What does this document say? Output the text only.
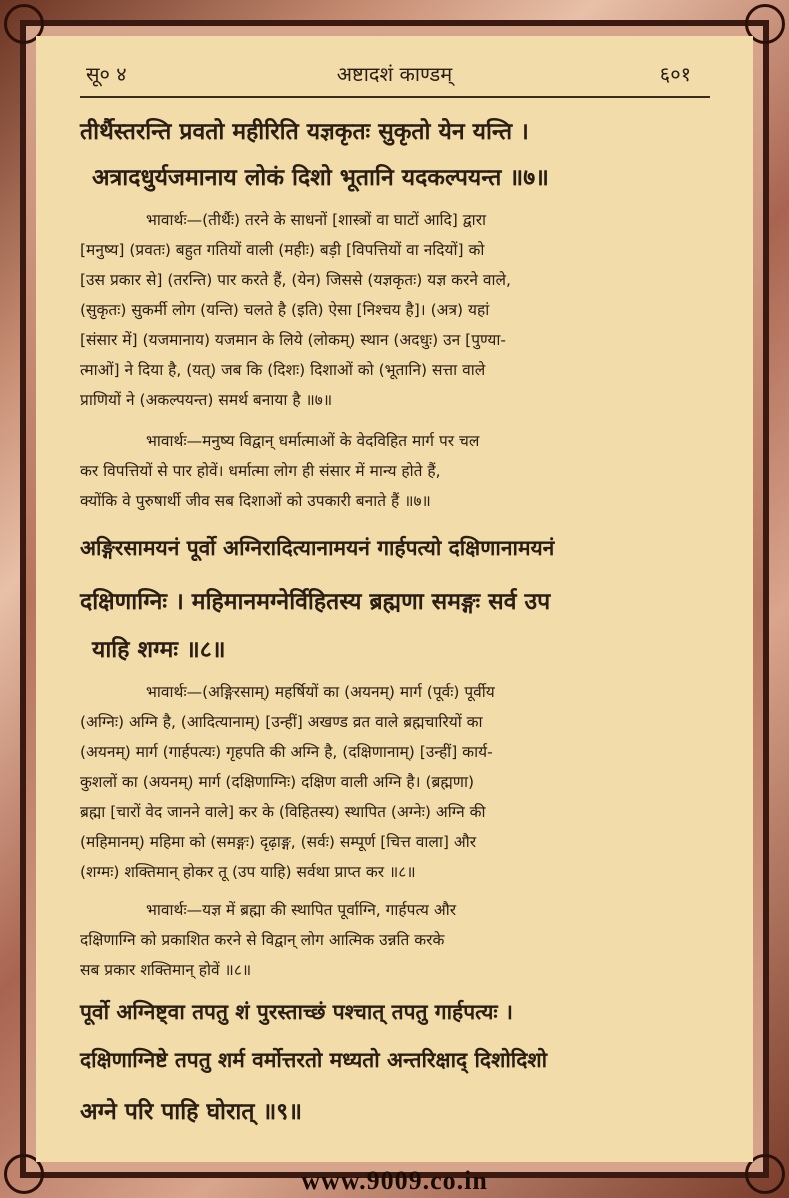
सू० ४	अष्टादशं काण्डम्	६०१
तीर्थैस्तरन्ति प्रवतो महीरिति यज्ञकृतः सुकृतो येन यन्ति ।
अत्रादधुर्यजमानाय लोकं दिशो भूतानि यदकल्पयन्त ॥७॥
भावार्थः—(तीर्थैः) तरने के साधनों [शास्त्रों वा घाटों आदि] द्वारा
[मनुष्य] (प्रवतः) बहुत गतियों वाली (महीः) बड़ी [विपत्तियों वा नदियों] को
[उस प्रकार से] (तरन्ति) पार करते हैं, (येन) जिससे (यज्ञकृतः) यज्ञ करने वाले,
(सुकृतः) सुकर्मी लोग (यन्ति) चलते है (इति) ऐसा [निश्चय है]। (अत्र) यहां
[संसार में] (यजमानाय) यजमान के लिये (लोकम्) स्थान (अदधुः) उन [पुण्या-
त्माओं] ने दिया है, (यत्) जब कि (दिशः) दिशाओं को (भूतानि) सत्ता वाले
प्राणियों ने (अकल्पयन्त) समर्थ बनाया है ॥७॥
भावार्थः—मनुष्य विद्वान् धर्मात्माओं के वेदविहित मार्ग पर चल
कर विपत्तियों से पार होवें। धर्मात्मा लोग ही संसार में मान्य होते हैं,
क्योंकि वे पुरुषार्थी जीव सब दिशाओं को उपकारी बनाते हैं ॥७॥
अङ्गिरसामयनं पूर्वो अग्निरादित्यानामयनं गार्हपत्यो दक्षिणानामयनं
दक्षिणाग्निः । महिमानमग्नेर्विहितस्य ब्रह्मणा समङ्गः सर्व उप
याहि शग्मः ॥८॥
भावार्थः—(अङ्गिरसाम्) महर्षियों का (अयनम्) मार्ग (पूर्वः) पूर्वीय
(अग्निः) अग्नि है, (आदित्यानाम्) [उन्हीं] अखण्ड व्रत वाले ब्रह्मचारियों का
(अयनम्) मार्ग (गार्हपत्यः) गृहपति की अग्नि है, (दक्षिणानाम्) [उन्हीं] कार्य-
कुशलों का (अयनम्) मार्ग (दक्षिणाग्निः) दक्षिण वाली अग्नि है। (ब्रह्मणा)
ब्रह्मा [चारों वेद जानने वाले] कर के (विहितस्य) स्थापित (अग्नेः) अग्नि की
(महिमानम्) महिमा को (समङ्गः) दृढ़ाङ्ग, (सर्वः) सम्पूर्ण [चित्त वाला] और
(शग्मः) शक्तिमान् होकर तू (उप याहि) सर्वथा प्राप्त कर ॥८॥
भावार्थः—यज्ञ में ब्रह्मा की स्थापित पूर्वाग्नि, गार्हपत्य और
दक्षिणाग्नि को प्रकाशित करने से विद्वान् लोग आत्मिक उन्नति करके
सब प्रकार शक्तिमान् होवें ॥८॥
पूर्वो अग्निष्ट्वा तपतु शं पुरस्ताच्छं पश्चात् तपतु गार्हपत्यः ।
दक्षिणाग्निष्टे तपतु शर्म वर्मोत्तरतो मध्यतो अन्तरिक्षाद् दिशोदिशो
अग्ने परि पाहि घोरात् ॥९॥
www.9009.co.in
